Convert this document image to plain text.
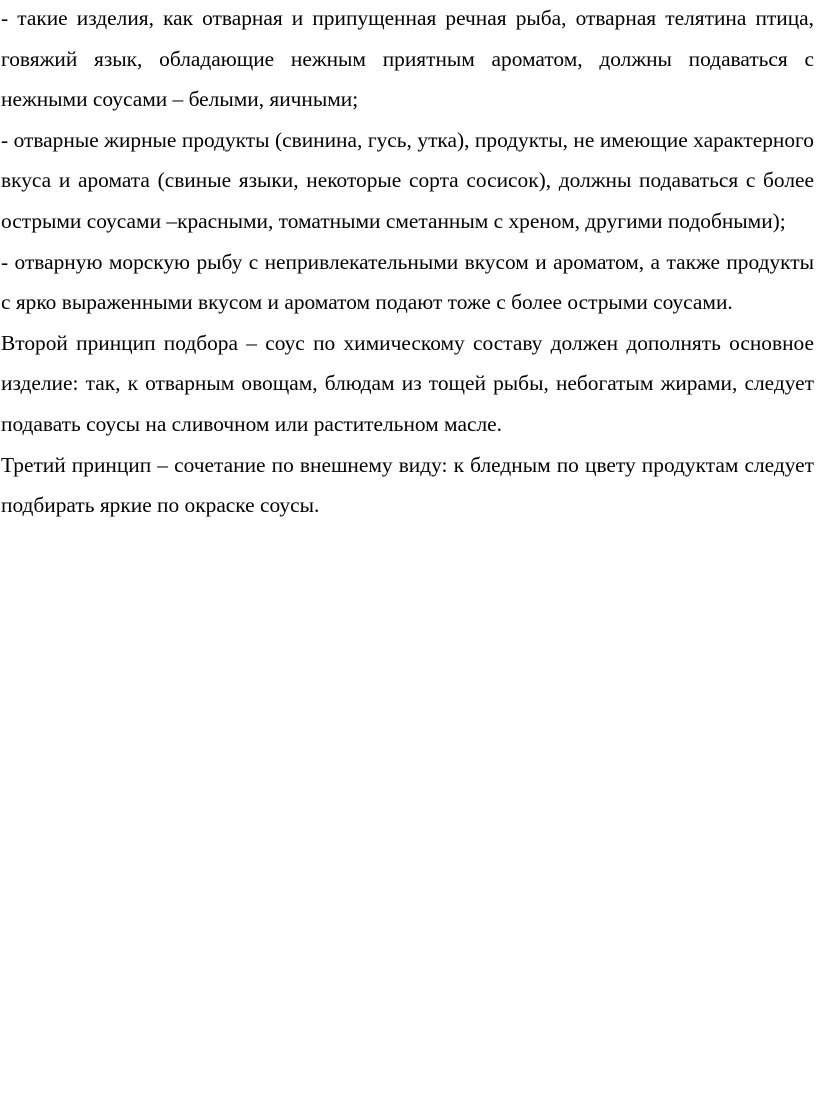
- такие изделия, как отварная и припущенная речная рыба, отварная телятина птица, говяжий язык, обладающие нежным приятным ароматом, должны подаваться с нежными соусами – белыми, яичными;

- отварные жирные продукты (свинина, гусь, утка), продукты, не имеющие характерного вкуса и аромата (свиные языки, некоторые сорта сосисок), должны подаваться с более острыми соусами –красными, томатными сметанным с хреном, другими подобными);

- отварную морскую рыбу с непривлекательными вкусом и ароматом, а также продукты с ярко выраженными вкусом и ароматом подают тоже с более острыми соусами.

Второй принцип подбора – соус по химическому составу должен дополнять основное изделие: так, к отварным овощам, блюдам из тощей рыбы, небогатым жирами, следует подавать соусы на сливочном или растительном масле.

Третий принцип – сочетание по внешнему виду: к бледным по цвету продуктам следует подбирать яркие по окраске соусы.
